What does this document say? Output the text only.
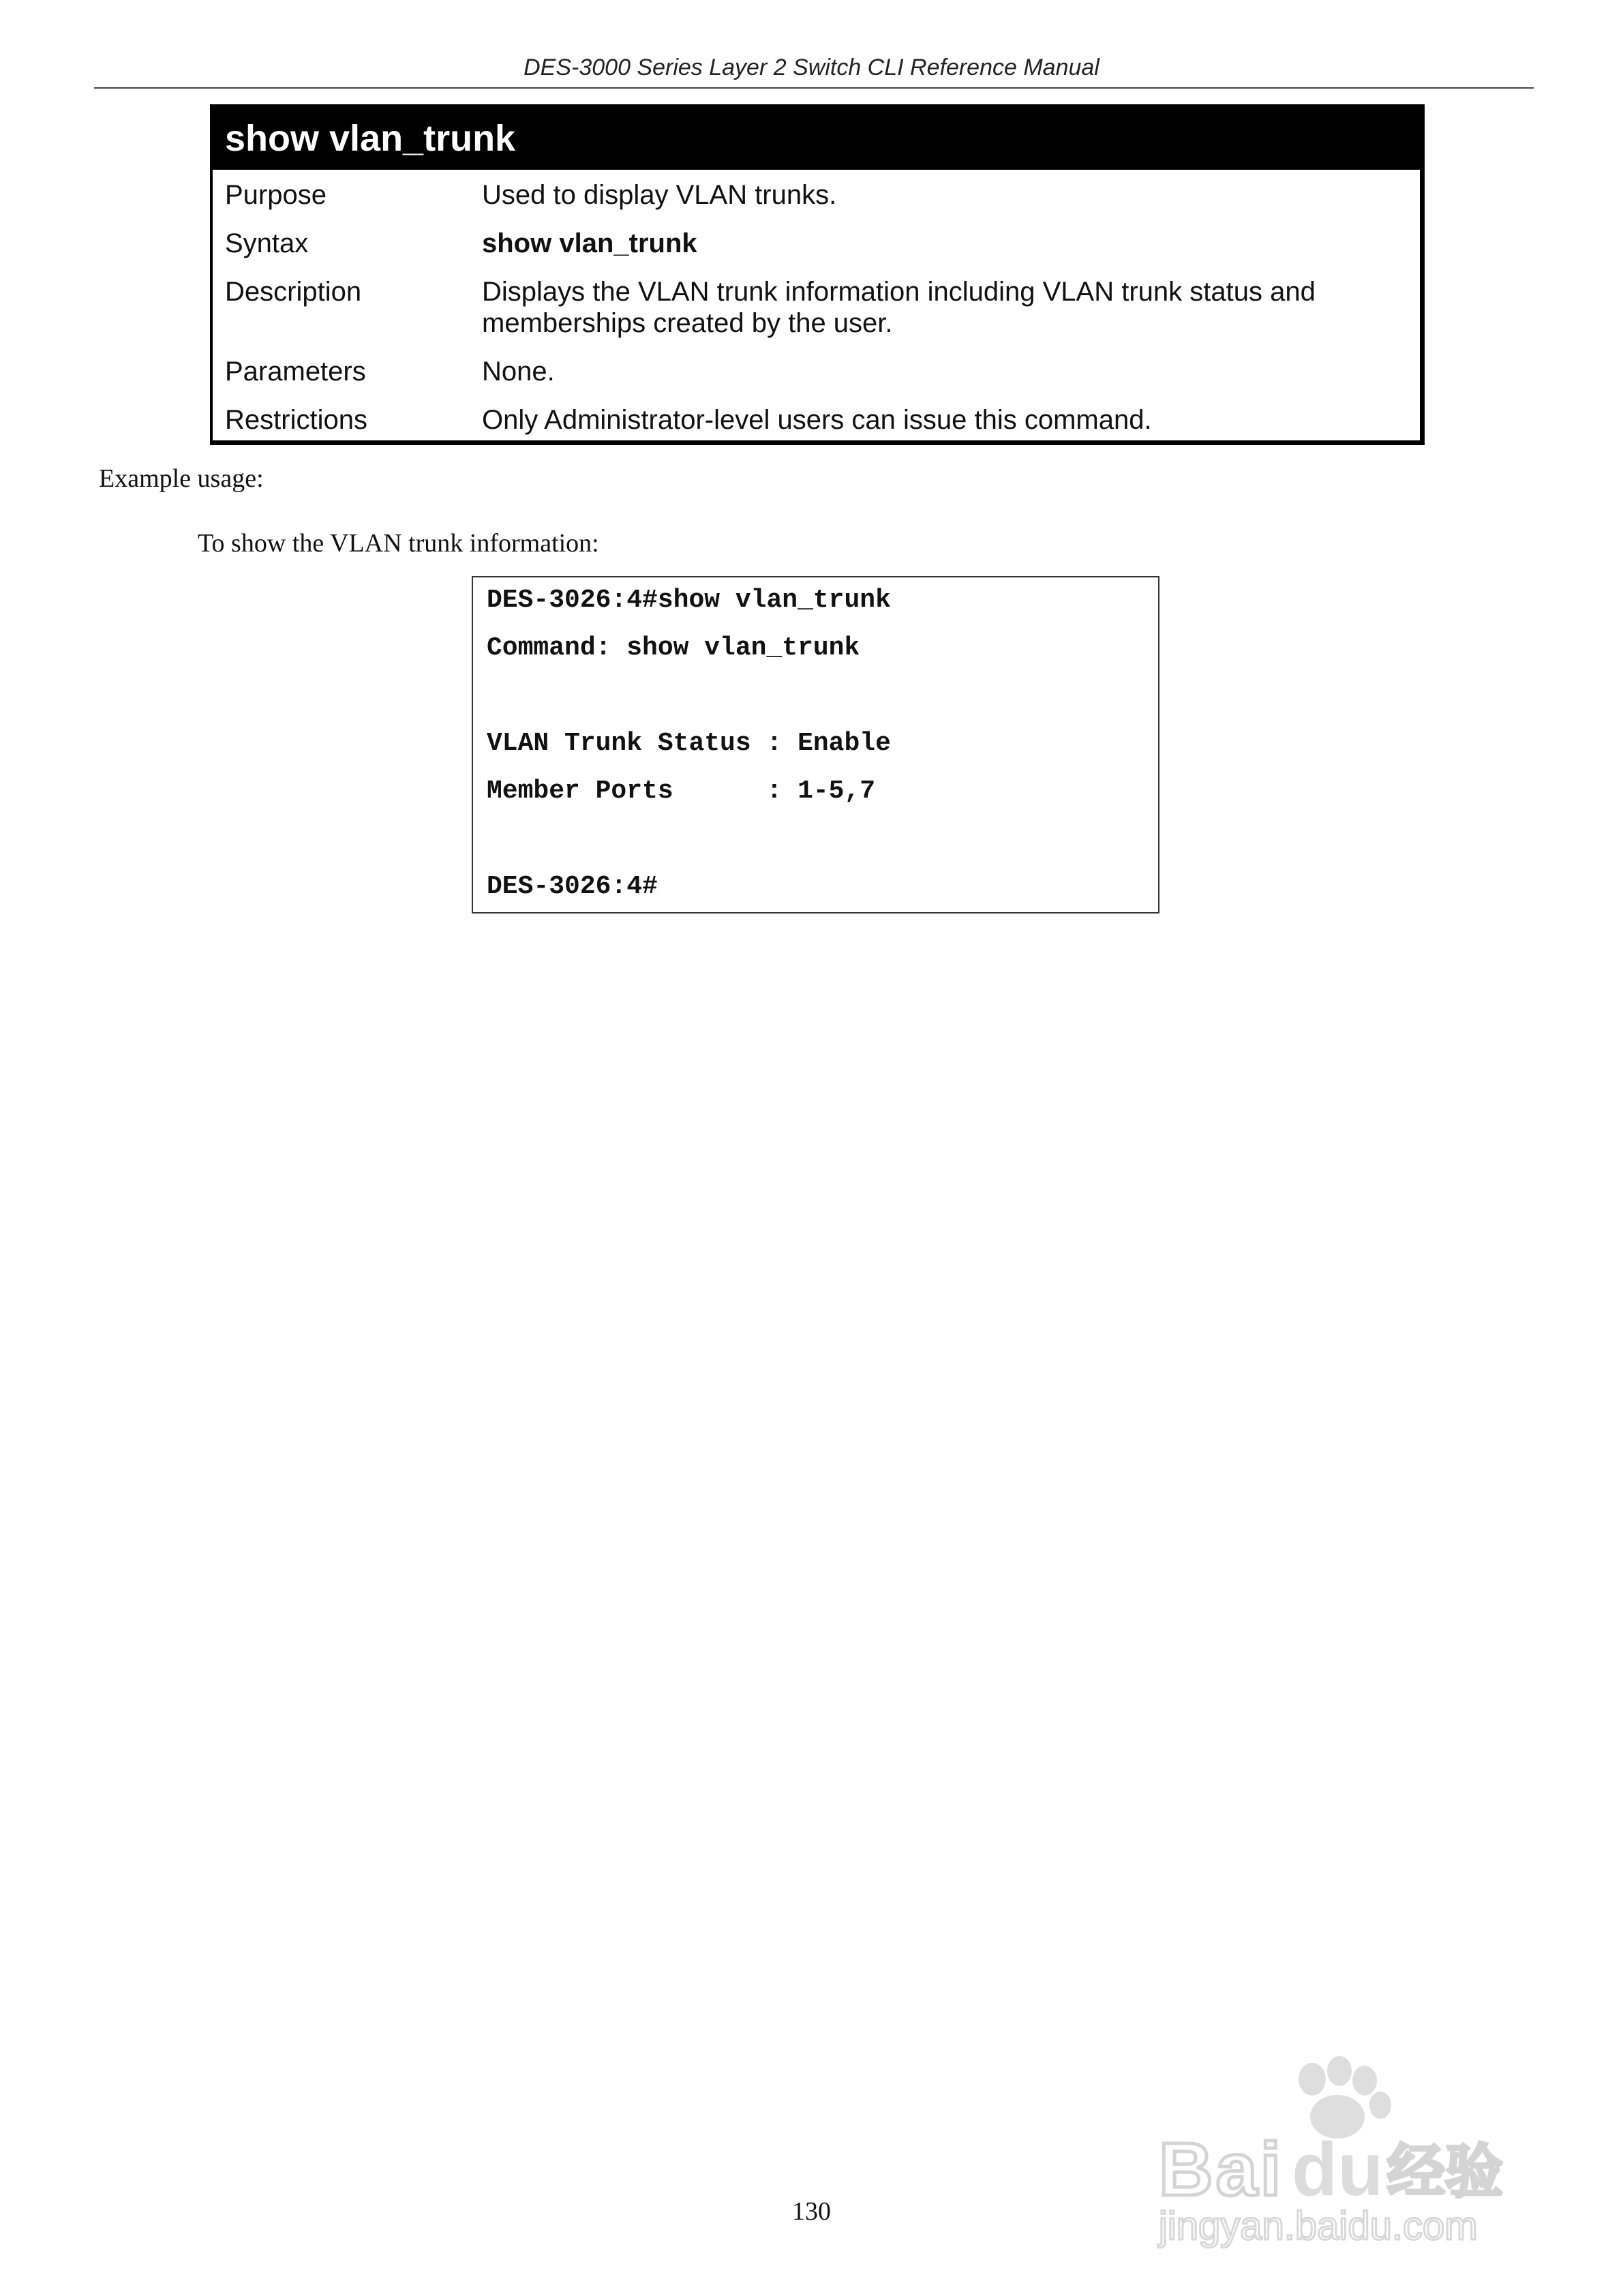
DES-3000 Series Layer 2 Switch CLI Reference Manual
show vlan_trunk
Purpose	Used to display VLAN trunks.
Syntax	show vlan_trunk
Description	Displays the VLAN trunk information including VLAN trunk status and
memberships created by the user.
Parameters	None.
Restrictions	Only Administrator-level users can issue this command.
Example usage:
To show the VLAN trunk information:
DES-3026:4#show vlan_trunk
Command: show vlan_trunk
VLAN Trunk Status : Enable
Member Ports      : 1-5,7
DES-3026:4#
130	Bai du 经验
jingyan.baidu.com
